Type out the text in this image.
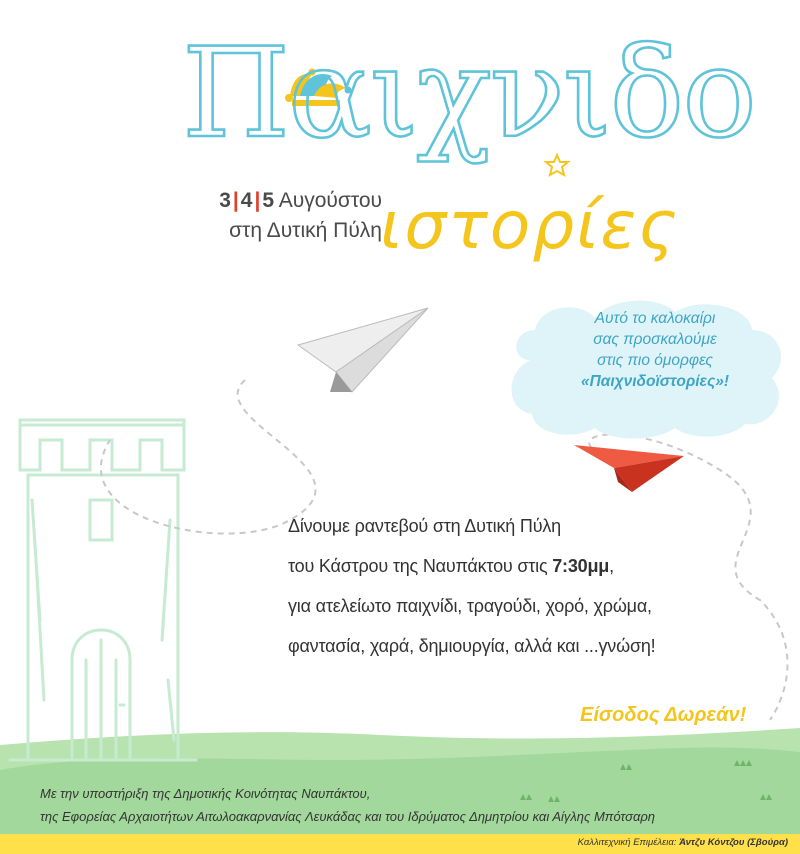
Παιχνιδο
ιστορίες
3|4|5 Αυγούστου
στη Δυτική Πύλη
Αυτό το καλοκαίρι
σας προσκαλούμε
στις πιο όμορφες
«Παιχνιδοϊστορίες»!
Δίνουμε ραντεβού στη Δυτική Πύλη
του Κάστρου της Ναυπάκτου στις 7:30μμ,
για ατελείωτο παιχνίδι, τραγούδι, χορό, χρώμα,
φαντασία, χαρά, δημιουργία, αλλά και ...γνώση!
Είσοδος Δωρεάν!
Με την υποστήριξη της Δημοτικής Κοινότητας Ναυπάκτου,
της Εφορείας Αρχαιοτήτων Αιτωλοακαρνανίας Λευκάδας και του Ιδρύματος Δημητρίου και Αίγλης Μπότσαρη
Καλλιτεχνική Επιμέλεια: Άντζυ Κόντζου (Σβούρα)
